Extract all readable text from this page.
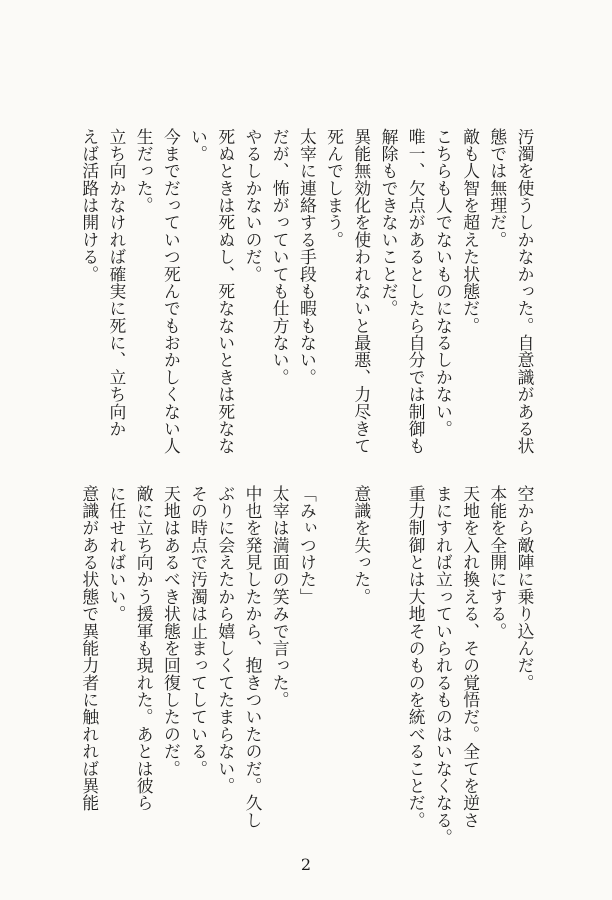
汚濁を使うしかなかった。自意識がある状
態では無理だ。
敵も人智を超えた状態だ。
こちらも人でないものになるしかない。
唯一、欠点があるとしたら自分では制御も
解除もできないことだ。
異能無効化を使われないと最悪、力尽きて
死んでしまう。
太宰に連絡する手段も暇もない。
だが、怖がっていても仕方ない。
やるしかないのだ。
死ぬときは死ぬし、死なないときは死なな
い。
今までだっていつ死んでもおかしくない人
生だった。
立ち向かなければ確実に死に、立ち向か
えば活路は開ける。
空から敵陣に乗り込んだ。
本能を全開にする。
天地を入れ換える、その覚悟だ。全てを逆さ
まにすれば立っていられるものはいなくなる。
重力制御とは大地そのものを統べることだ。

意識を失った。

「みぃつけた」
太宰は満面の笑みで言った。
中也を発見したから、抱きついたのだ。久し
ぶりに会えたから嬉しくてたまらない。
その時点で汚濁は止まってしている。
天地はあるべき状態を回復したのだ。
敵に立ち向かう援軍も現れた。あとは彼ら
に任せればいい。
意識がある状態で異能力者に触れれば異能
2
